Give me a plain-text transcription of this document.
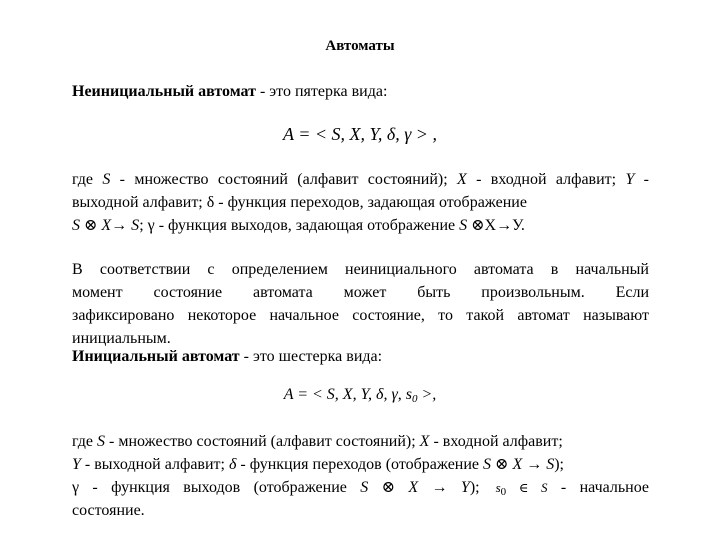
Автоматы

Неинициальный автомат - это пятерка вида:

A = < S, X, Y, δ, γ > ,
где S - множество состояний (алфавит состояний); X - входной алфавит; Y -
выходной алфавит; δ - функция переходов, задающая отображение
S ⊗ X→ S; γ - функция выходов, задающая отображение S ⊗X→У.
В соответствии с определением неинициального автомата в начальный
момент состояние автомата может быть произвольным. Если
зафиксировано некоторое начальное состояние, то такой автомат называют
инициальным.

Инициальный автомат - это шестерка вида:

A = < S, X, Y, δ, γ, $s_0$ >,
где S - множество состояний (алфавит состояний); X - входной алфавит;
Y - выходной алфавит; δ - функция переходов (отображение S ⊗ X → S);
γ - функция выходов (отображение S ⊗ X → Y);  $s_0$ ∈ S - начальное
состояние.
